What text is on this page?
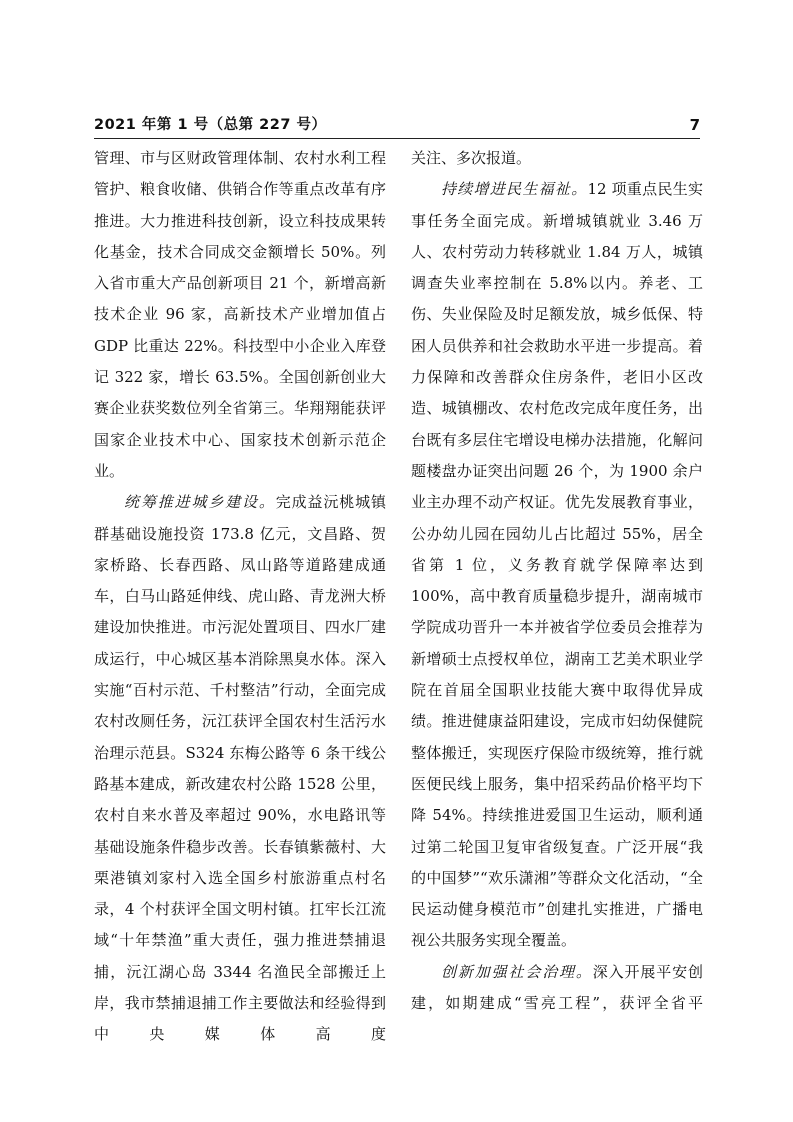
2021 年第 1 号（总第 227 号）	7

管理、市与区财政管理体制、农村水利工程管护、粮食收储、供销合作等重点改革有序推进。大力推进科技创新，设立科技成果转化基金，技术合同成交金额增长 50%。列入省市重大产品创新项目 21 个，新增高新技术企业 96 家，高新技术产业增加值占 GDP 比重达 22%。科技型中小企业入库登记 322 家，增长 63.5%。全国创新创业大赛企业获奖数位列全省第三。华翔翔能获评国家企业技术中心、国家技术创新示范企业。

统筹推进城乡建设。完成益沅桃城镇群基础设施投资 173.8 亿元，文昌路、贺家桥路、长春西路、凤山路等道路建成通车，白马山路延伸线、虎山路、青龙洲大桥建设加快推进。市污泥处置项目、四水厂建成运行，中心城区基本消除黑臭水体。深入实施“百村示范、千村整洁”行动，全面完成农村改厕任务，沅江获评全国农村生活污水治理示范县。S324 东梅公路等 6 条干线公路基本建成，新改建农村公路 1528 公里，农村自来水普及率超过 90%，水电路讯等基础设施条件稳步改善。长春镇紫薇村、大栗港镇刘家村入选全国乡村旅游重点村名录，4 个村获评全国文明村镇。扛牢长江流域“十年禁渔”重大责任，强力推进禁捕退捕，沅江湖心岛 3344 名渔民全部搬迁上岸，我市禁捕退捕工作主要做法和经验得到中央媒体高度

关注、多次报道。

持续增进民生福祉。12 项重点民生实事任务全面完成。新增城镇就业 3.46 万人、农村劳动力转移就业 1.84 万人，城镇调查失业率控制在 5.8%以内。养老、工伤、失业保险及时足额发放，城乡低保、特困人员供养和社会救助水平进一步提高。着力保障和改善群众住房条件，老旧小区改造、城镇棚改、农村危改完成年度任务，出台既有多层住宅增设电梯办法措施，化解问题楼盘办证突出问题 26 个，为 1900 余户业主办理不动产权证。优先发展教育事业，公办幼儿园在园幼儿占比超过 55%，居全省第 1 位，义务教育就学保障率达到 100%，高中教育质量稳步提升，湖南城市学院成功晋升一本并被省学位委员会推荐为新增硕士点授权单位，湖南工艺美术职业学院在首届全国职业技能大赛中取得优异成绩。推进健康益阳建设，完成市妇幼保健院整体搬迁，实现医疗保险市级统筹，推行就医便民线上服务，集中招采药品价格平均下降 54%。持续推进爱国卫生运动，顺利通过第二轮国卫复审省级复查。广泛开展“我的中国梦”“欢乐潇湘”等群众文化活动，“全民运动健身模范市”创建扎实推进，广播电视公共服务实现全覆盖。

创新加强社会治理。深入开展平安创建，如期建成“雪亮工程”，获评全省平
